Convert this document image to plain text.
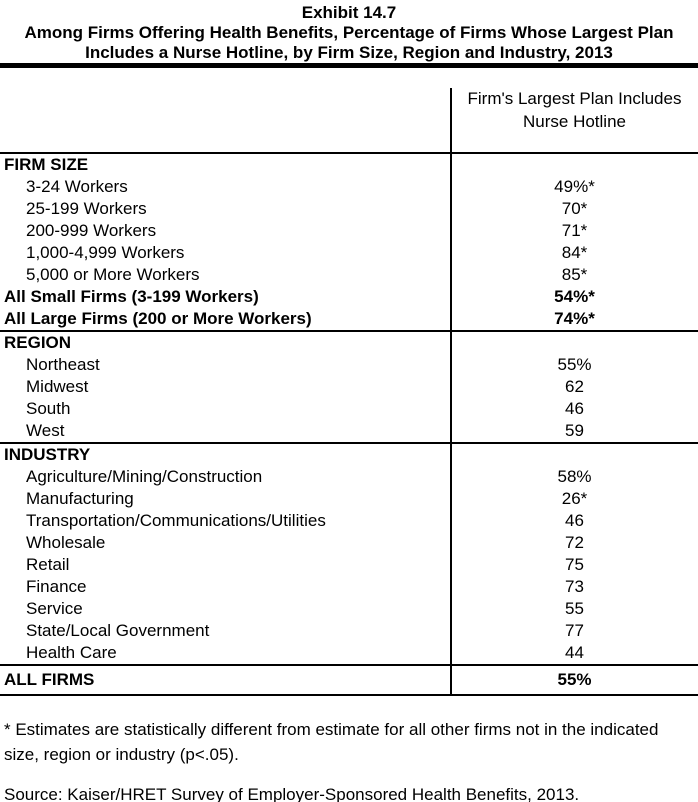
Exhibit 14.7
Among Firms Offering Health Benefits, Percentage of Firms Whose Largest Plan
Includes a Nurse Hotline, by Firm Size, Region and Industry, 2013
Firm's Largest Plan Includes
Nurse Hotline
FIRM SIZE
3-24 Workers	49%*
25-199 Workers	70*
200-999 Workers	71*
1,000-4,999 Workers	84*
5,000 or More Workers	85*
All Small Firms (3-199 Workers)	54%*
All Large Firms (200 or More Workers)	74%*
REGION
Northeast	55%
Midwest	62
South	46
West	59
INDUSTRY
Agriculture/Mining/Construction	58%
Manufacturing	26*
Transportation/Communications/Utilities	46
Wholesale	72
Retail	75
Finance	73
Service	55
State/Local Government	77
Health Care	44
ALL FIRMS	55%
* Estimates are statistically different from estimate for all other firms not in the indicated size, region or industry (p<.05).
Source: Kaiser/HRET Survey of Employer-Sponsored Health Benefits, 2013.
